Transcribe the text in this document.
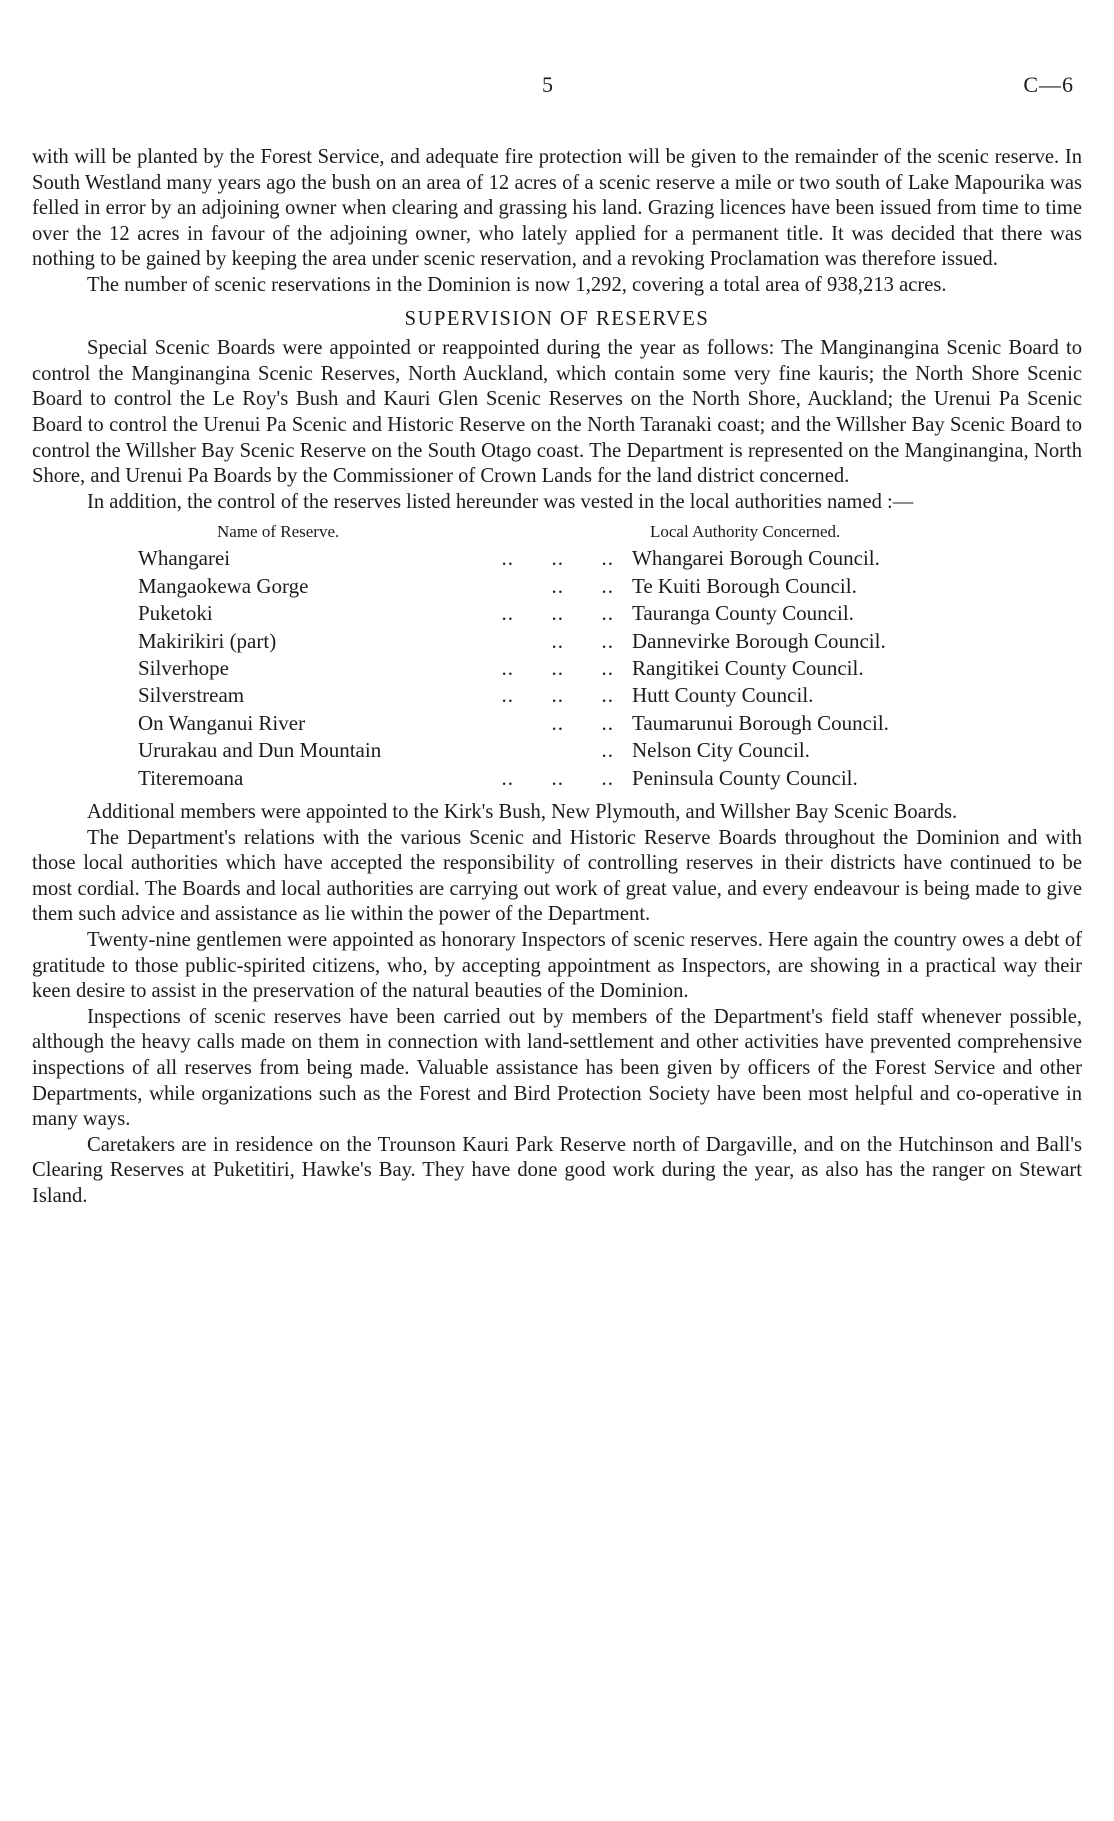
5	C—6

with will be planted by the Forest Service, and adequate fire protection will be given to the remainder of the scenic reserve. In South Westland many years ago the bush on an area of 12 acres of a scenic reserve a mile or two south of Lake Mapourika was felled in error by an adjoining owner when clearing and grassing his land. Grazing licences have been issued from time to time over the 12 acres in favour of the adjoining owner, who lately applied for a permanent title. It was decided that there was nothing to be gained by keeping the area under scenic reservation, and a revoking Proclamation was therefore issued.

The number of scenic reservations in the Dominion is now 1,292, covering a total area of 938,213 acres.

SUPERVISION OF RESERVES

Special Scenic Boards were appointed or reappointed during the year as follows: The Manginangina Scenic Board to control the Manginangina Scenic Reserves, North Auckland, which contain some very fine kauris; the North Shore Scenic Board to control the Le Roy's Bush and Kauri Glen Scenic Reserves on the North Shore, Auckland; the Urenui Pa Scenic Board to control the Urenui Pa Scenic and Historic Reserve on the North Taranaki coast; and the Willsher Bay Scenic Board to control the Willsher Bay Scenic Reserve on the South Otago coast. The Department is represented on the Manginangina, North Shore, and Urenui Pa Boards by the Commissioner of Crown Lands for the land district concerned.

In addition, the control of the reserves listed hereunder was vested in the local authorities named :—

Name of Reserve.	Local Authority Concerned.
Whangarei	..      ..      .. Whangarei Borough Council.
Mangaokewa Gorge	..      .. Te Kuiti Borough Council.
Puketoki	..      ..      .. Tauranga County Council.
Makirikiri (part)	..      .. Dannevirke Borough Council.
Silverhope	..      ..      .. Rangitikei County Council.
Silverstream	..      ..      .. Hutt County Council.
On Wanganui River	..      .. Taumarunui Borough Council.
Ururakau and Dun Mountain	.. Nelson City Council.
Titeremoana	..      ..      .. Peninsula County Council.

Additional members were appointed to the Kirk's Bush, New Plymouth, and Willsher Bay Scenic Boards.

The Department's relations with the various Scenic and Historic Reserve Boards throughout the Dominion and with those local authorities which have accepted the responsibility of controlling reserves in their districts have continued to be most cordial. The Boards and local authorities are carrying out work of great value, and every endeavour is being made to give them such advice and assistance as lie within the power of the Department.

Twenty-nine gentlemen were appointed as honorary Inspectors of scenic reserves. Here again the country owes a debt of gratitude to those public-spirited citizens, who, by accepting appointment as Inspectors, are showing in a practical way their keen desire to assist in the preservation of the natural beauties of the Dominion.

Inspections of scenic reserves have been carried out by members of the Department's field staff whenever possible, although the heavy calls made on them in connection with land-settlement and other activities have prevented comprehensive inspections of all reserves from being made. Valuable assistance has been given by officers of the Forest Service and other Departments, while organizations such as the Forest and Bird Protection Society have been most helpful and co-operative in many ways.

Caretakers are in residence on the Trounson Kauri Park Reserve north of Dargaville, and on the Hutchinson and Ball's Clearing Reserves at Puketitiri, Hawke's Bay. They have done good work during the year, as also has the ranger on Stewart Island.
